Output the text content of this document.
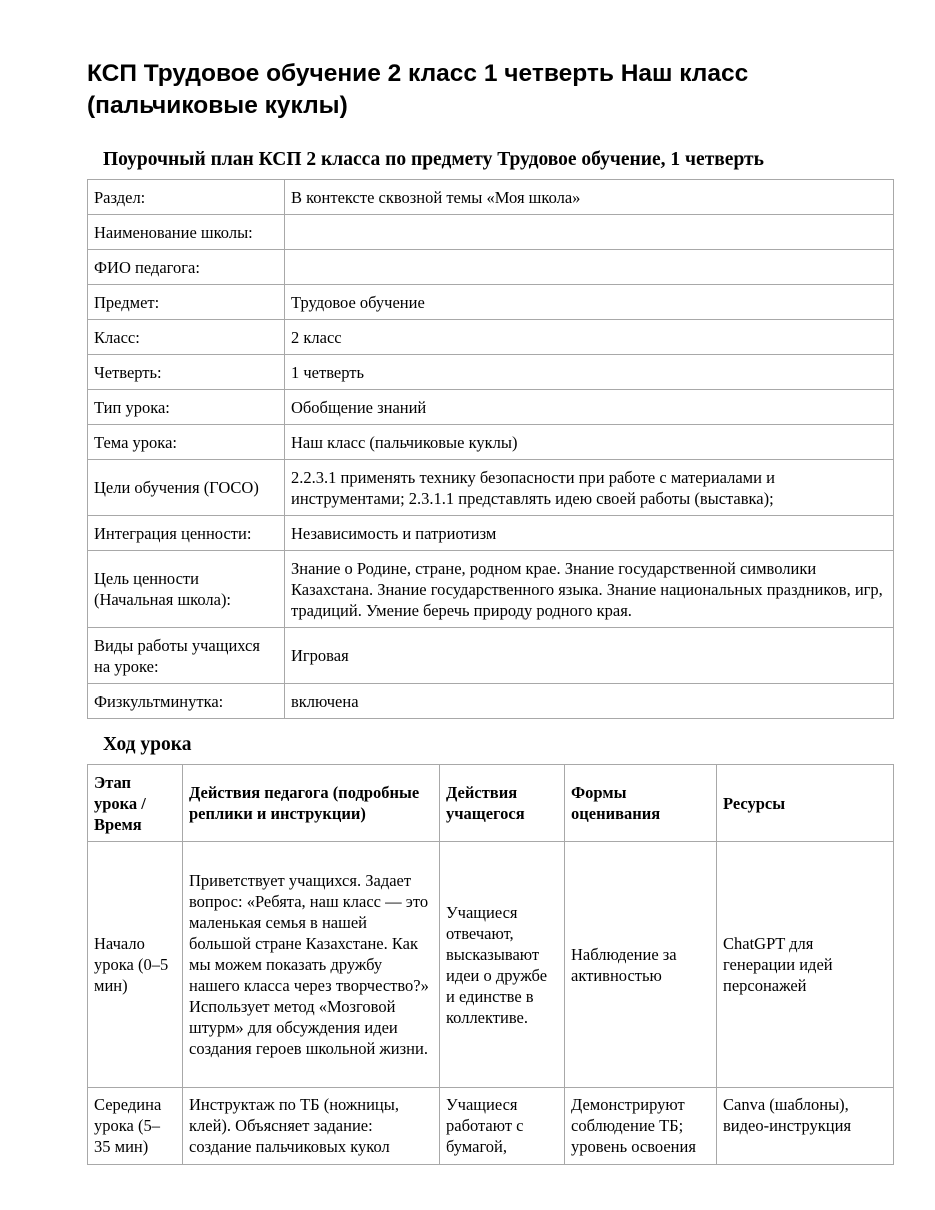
КСП Трудовое обучение 2 класс 1 четверть Наш класс (пальчиковые куклы)
Поурочный план КСП 2 класса по предмету Трудовое обучение, 1 четверть
Раздел:	В контексте сквозной темы «Моя школа»
Наименование школы:	
ФИО педагога:	
Предмет:	Трудовое обучение
Класс:	2 класс
Четверть:	1 четверть
Тип урока:	Обобщение знаний
Тема урока:	Наш класс (пальчиковые куклы)
Цели обучения (ГОСО)	2.2.3.1 применять технику безопасности при работе с материалами и инструментами; 2.3.1.1 представлять идею своей работы (выставка);
Интеграция ценности:	Независимость и патриотизм
Цель ценности (Начальная школа):	Знание о Родине, стране, родном крае. Знание государственной символики Казахстана. Знание государственного языка. Знание национальных праздников, игр, традиций. Умение беречь природу родного края.
Виды работы учащихся на уроке:	Игровая
Физкультминутка:	включена
Ход урока
Этап урока / Время	Действия педагога (подробные реплики и инструкции)	Действия учащегося	Формы оценивания	Ресурсы
Начало урока (0–5 мин)	Приветствует учащихся. Задает вопрос: «Ребята, наш класс — это маленькая семья в нашей большой стране Казахстане. Как мы можем показать дружбу нашего класса через творчество?» Использует метод «Мозговой штурм» для обсуждения идеи создания героев школьной жизни.	Учащиеся отвечают, высказывают идеи о дружбе и единстве в коллективе.	Наблюдение за активностью	ChatGPT для генерации идей персонажей
Середина урока (5–35 мин)	Инструктаж по ТБ (ножницы, клей). Объясняет задание: создание пальчиковых кукол	Учащиеся работают с бумагой,	Демонстрируют соблюдение ТБ; уровень освоения	Canva (шаблоны), видео-инструкция
